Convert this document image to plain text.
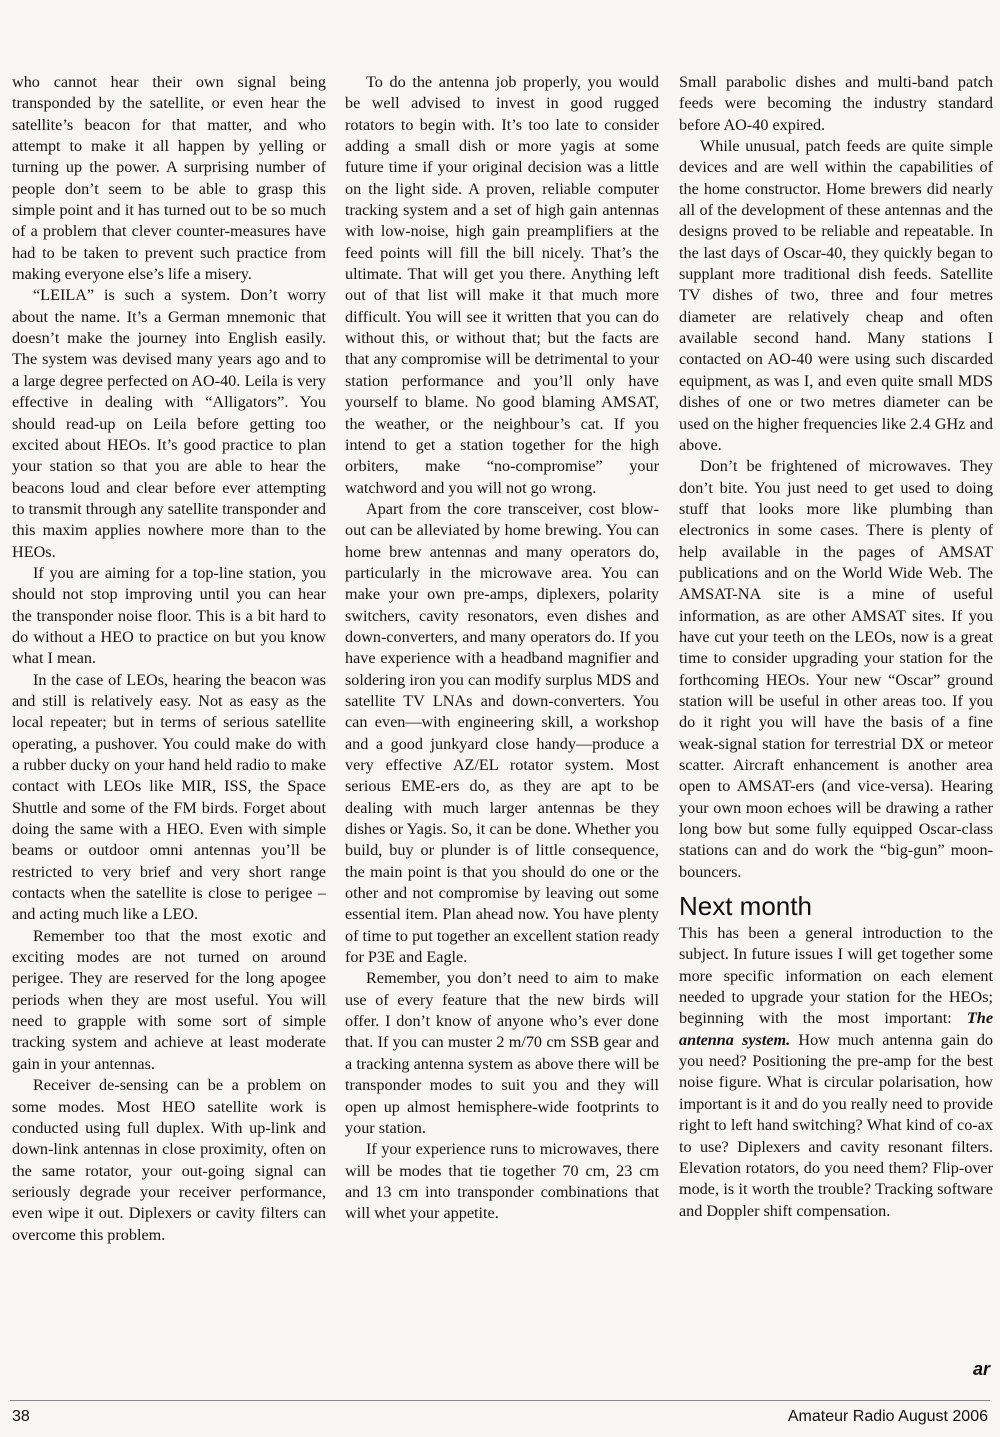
who cannot hear their own signal being transponded by the satellite, or even hear the satellite’s beacon for that matter, and who attempt to make it all happen by yelling or turning up the power. A surprising number of people don’t seem to be able to grasp this simple point and it has turned out to be so much of a problem that clever counter-measures have had to be taken to prevent such practice from making everyone else’s life a misery.

“LEILA” is such a system. Don’t worry about the name. It’s a German mnemonic that doesn’t make the journey into English easily. The system was devised many years ago and to a large degree perfected on AO-40. Leila is very effective in dealing with “Alligators”. You should read-up on Leila before getting too excited about HEOs. It’s good practice to plan your station so that you are able to hear the beacons loud and clear before ever attempting to transmit through any satellite transponder and this maxim applies nowhere more than to the HEOs.

If you are aiming for a top-line station, you should not stop improving until you can hear the transponder noise floor. This is a bit hard to do without a HEO to practice on but you know what I mean.

In the case of LEOs, hearing the beacon was and still is relatively easy. Not as easy as the local repeater; but in terms of serious satellite operating, a pushover. You could make do with a rubber ducky on your hand held radio to make contact with LEOs like MIR, ISS, the Space Shuttle and some of the FM birds. Forget about doing the same with a HEO. Even with simple beams or outdoor omni antennas you’ll be restricted to very brief and very short range contacts when the satellite is close to perigee – and acting much like a LEO.

Remember too that the most exotic and exciting modes are not turned on around perigee. They are reserved for the long apogee periods when they are most useful. You will need to grapple with some sort of simple tracking system and achieve at least moderate gain in your antennas.

Receiver de-sensing can be a problem on some modes. Most HEO satellite work is conducted using full duplex. With up-link and down-link antennas in close proximity, often on the same rotator, your out-going signal can seriously degrade your receiver performance, even wipe it out. Diplexers or cavity filters can overcome this problem.

To do the antenna job properly, you would be well advised to invest in good rugged rotators to begin with. It’s too late to consider adding a small dish or more yagis at some future time if your original decision was a little on the light side. A proven, reliable computer tracking system and a set of high gain antennas with low-noise, high gain preamplifiers at the feed points will fill the bill nicely. That’s the ultimate. That will get you there. Anything left out of that list will make it that much more difficult. You will see it written that you can do without this, or without that; but the facts are that any compromise will be detrimental to your station performance and you’ll only have yourself to blame. No good blaming AMSAT, the weather, or the neighbour’s cat. If you intend to get a station together for the high orbiters, make “no-compromise” your watchword and you will not go wrong.

Apart from the core transceiver, cost blow-out can be alleviated by home brewing. You can home brew antennas and many operators do, particularly in the microwave area. You can make your own pre-amps, diplexers, polarity switchers, cavity resonators, even dishes and down-converters, and many operators do. If you have experience with a headband magnifier and soldering iron you can modify surplus MDS and satellite TV LNAs and down-converters. You can even—with engineering skill, a workshop and a good junkyard close handy—produce a very effective AZ/EL rotator system. Most serious EME-ers do, as they are apt to be dealing with much larger antennas be they dishes or Yagis. So, it can be done. Whether you build, buy or plunder is of little consequence, the main point is that you should do one or the other and not compromise by leaving out some essential item. Plan ahead now. You have plenty of time to put together an excellent station ready for P3E and Eagle.

Remember, you don’t need to aim to make use of every feature that the new birds will offer. I don’t know of anyone who’s ever done that. If you can muster 2 m/70 cm SSB gear and a tracking antenna system as above there will be transponder modes to suit you and they will open up almost hemisphere-wide footprints to your station.

If your experience runs to microwaves, there will be modes that tie together 70 cm, 23 cm and 13 cm into transponder combinations that will whet your appetite.

Small parabolic dishes and multi-band patch feeds were becoming the industry standard before AO-40 expired.

While unusual, patch feeds are quite simple devices and are well within the capabilities of the home constructor. Home brewers did nearly all of the development of these antennas and the designs proved to be reliable and repeatable. In the last days of Oscar-40, they quickly began to supplant more traditional dish feeds. Satellite TV dishes of two, three and four metres diameter are relatively cheap and often available second hand. Many stations I contacted on AO-40 were using such discarded equipment, as was I, and even quite small MDS dishes of one or two metres diameter can be used on the higher frequencies like 2.4 GHz and above.

Don’t be frightened of microwaves. They don’t bite. You just need to get used to doing stuff that looks more like plumbing than electronics in some cases. There is plenty of help available in the pages of AMSAT publications and on the World Wide Web. The AMSAT-NA site is a mine of useful information, as are other AMSAT sites. If you have cut your teeth on the LEOs, now is a great time to consider upgrading your station for the forthcoming HEOs. Your new “Oscar” ground station will be useful in other areas too. If you do it right you will have the basis of a fine weak-signal station for terrestrial DX or meteor scatter. Aircraft enhancement is another area open to AMSAT-ers (and vice-versa). Hearing your own moon echoes will be drawing a rather long bow but some fully equipped Oscar-class stations can and do work the “big-gun” moon-bouncers.

Next month

This has been a general introduction to the subject. In future issues I will get together some more specific information on each element needed to upgrade your station for the HEOs; beginning with the most important: The antenna system. How much antenna gain do you need? Positioning the pre-amp for the best noise figure. What is circular polarisation, how important is it and do you really need to provide right to left hand switching? What kind of co-ax to use? Diplexers and cavity resonant filters. Elevation rotators, do you need them? Flip-over mode, is it worth the trouble? Tracking software and Doppler shift compensation.

ar
38	Amateur Radio August 2006
